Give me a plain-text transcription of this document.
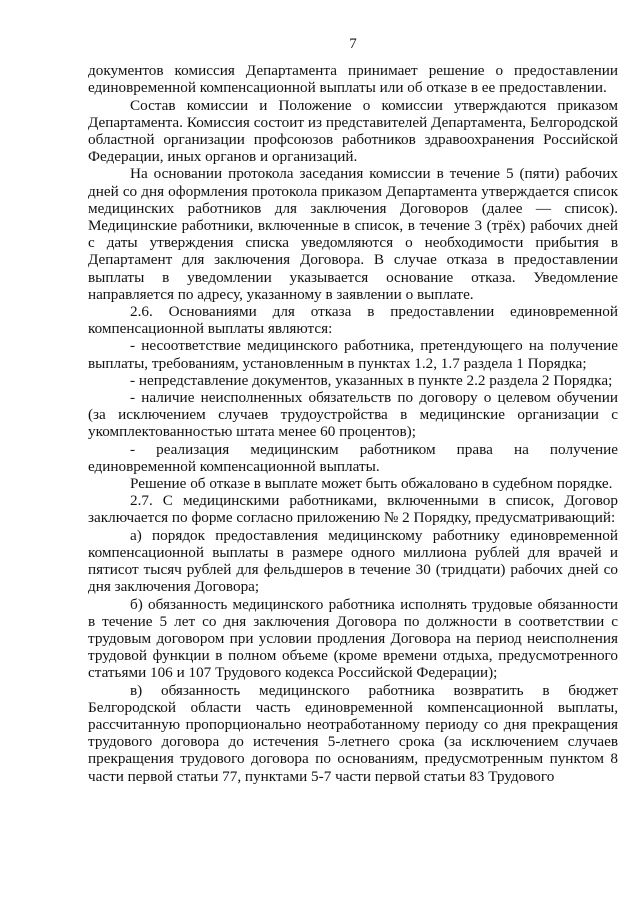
7

документов комиссия Департамента принимает решение о предоставлении единовременной компенсационной выплаты или об отказе в ее предоставлении.

Состав комиссии и Положение о комиссии утверждаются приказом Департамента. Комиссия состоит из представителей Департамента, Белгородской областной организации профсоюзов работников здравоохранения Российской Федерации, иных органов и организаций.

На основании протокола заседания комиссии в течение 5 (пяти) рабочих дней со дня оформления протокола приказом Департамента утверждается список медицинских работников для заключения Договоров (далее — список). Медицинские работники, включенные в список, в течение 3 (трёх) рабочих дней с даты утверждения списка уведомляются о необходимости прибытия в Департамент для заключения Договора. В случае отказа в предоставлении выплаты в уведомлении указывается основание отказа. Уведомление направляется по адресу, указанному в заявлении о выплате.

2.6. Основаниями для отказа в предоставлении единовременной компенсационной выплаты являются:

- несоответствие медицинского работника, претендующего на получение выплаты, требованиям, установленным в пунктах 1.2, 1.7 раздела 1 Порядка;

- непредставление документов, указанных в пункте 2.2 раздела 2 Порядка;

- наличие неисполненных обязательств по договору о целевом обучении (за исключением случаев трудоустройства в медицинские организации с укомплектованностью штата менее 60 процентов);

- реализация медицинским работником права на получение единовременной компенсационной выплаты.

Решение об отказе в выплате может быть обжаловано в судебном порядке.

2.7. С медицинскими работниками, включенными в список, Договор заключается по форме согласно приложению № 2 Порядку, предусматривающий:

а) порядок предоставления медицинскому работнику единовременной компенсационной выплаты в размере одного миллиона рублей для врачей и пятисот тысяч рублей для фельдшеров в течение 30 (тридцати) рабочих дней со дня заключения Договора;

б) обязанность медицинского работника исполнять трудовые обязанности в течение 5 лет со дня заключения Договора по должности в соответствии с трудовым договором при условии продления Договора на период неисполнения трудовой функции в полном объеме (кроме времени отдыха, предусмотренного статьями 106 и 107 Трудового кодекса Российской Федерации);

в) обязанность медицинского работника возвратить в бюджет Белгородской области часть единовременной компенсационной выплаты, рассчитанную пропорционально неотработанному периоду со дня прекращения трудового договора до истечения 5-летнего срока (за исключением случаев прекращения трудового договора по основаниям, предусмотренным пунктом 8 части первой статьи 77, пунктами 5-7 части первой статьи 83 Трудового
